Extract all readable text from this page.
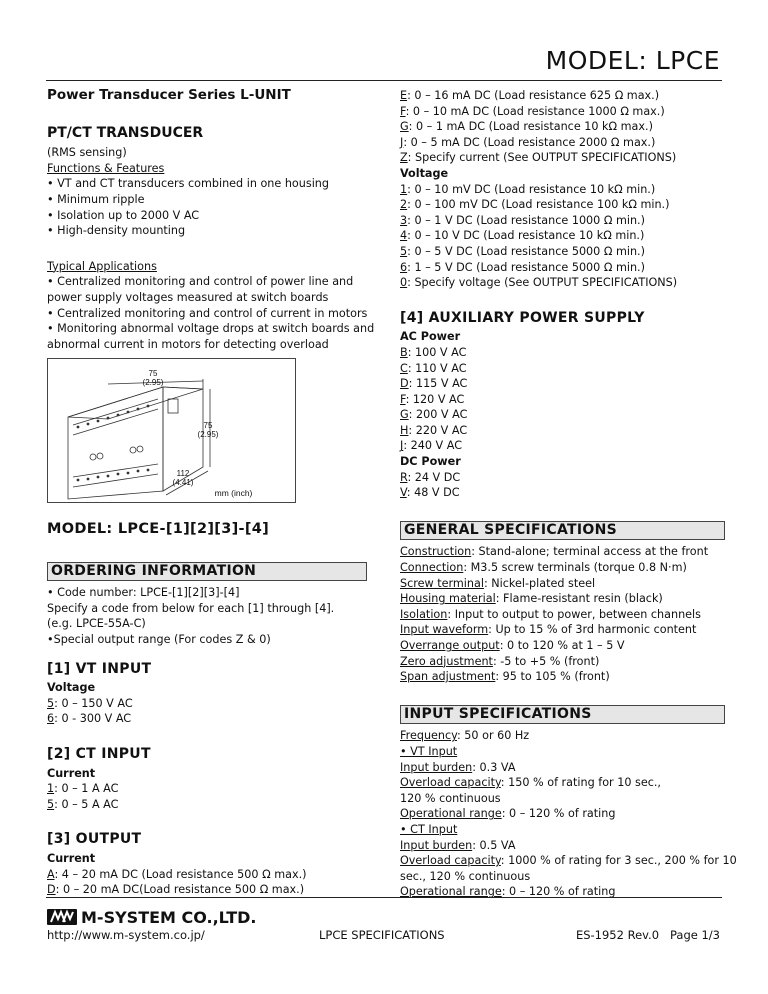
MODEL: LPCE
Power Transducer Series L-UNIT
PT/CT TRANSDUCER
(RMS sensing)
Functions & Features
• VT and CT transducers combined in one housing
• Minimum ripple
• Isolation up to 2000 V AC
• High-density mounting
Typical Applications
• Centralized monitoring and control of power line and
power supply voltages measured at switch boards
• Centralized monitoring and control of current in motors
• Monitoring abnormal voltage drops at switch boards and
abnormal current in motors for detecting overload
75
(2.95)
75
(2.95)
112
(4.41)
mm (inch)
MODEL: LPCE-[1][2][3]-[4]
ORDERING INFORMATION
• Code number: LPCE-[1][2][3]-[4]
Specify a code from below for each [1] through [4].
(e.g. LPCE-55A-C)
•Special output range (For codes Z & 0)
[1] VT INPUT
Voltage
5: 0 – 150 V AC
6: 0 - 300 V AC
[2] CT INPUT
Current
1: 0 – 1 A AC
5: 0 – 5 A AC
[3] OUTPUT
Current
A: 4 – 20 mA DC (Load resistance 500 Ω max.)
D: 0 – 20 mA DC(Load resistance 500 Ω max.)
E: 0 – 16 mA DC (Load resistance 625 Ω max.)
F: 0 – 10 mA DC (Load resistance 1000 Ω max.)
G: 0 – 1 mA DC (Load resistance 10 kΩ max.)
J: 0 – 5 mA DC (Load resistance 2000 Ω max.)
Z: Specify current (See OUTPUT SPECIFICATIONS)
Voltage
1: 0 – 10 mV DC (Load resistance 10 kΩ min.)
2: 0 – 100 mV DC (Load resistance 100 kΩ min.)
3: 0 – 1 V DC (Load resistance 1000 Ω min.)
4: 0 – 10 V DC (Load resistance 10 kΩ min.)
5: 0 – 5 V DC (Load resistance 5000 Ω min.)
6: 1 – 5 V DC (Load resistance 5000 Ω min.)
0: Specify voltage (See OUTPUT SPECIFICATIONS)
[4] AUXILIARY POWER SUPPLY
AC Power
B: 100 V AC
C: 110 V AC
D: 115 V AC
F: 120 V AC
G: 200 V AC
H: 220 V AC
J: 240 V AC
DC Power
R: 24 V DC
V: 48 V DC
GENERAL SPECIFICATIONS
Construction: Stand-alone; terminal access at the front
Connection: M3.5 screw terminals (torque 0.8 N·m)
Screw terminal: Nickel-plated steel
Housing material: Flame-resistant resin (black)
Isolation: Input to output to power, between channels
Input waveform: Up to 15 % of 3rd harmonic content
Overrange output: 0 to 120 % at 1 – 5 V
Zero adjustment: -5 to +5 % (front)
Span adjustment: 95 to 105 % (front)
INPUT SPECIFICATIONS
Frequency: 50 or 60 Hz
• VT Input
Input burden: 0.3 VA
Overload capacity: 150 % of rating for 10 sec.,
120 % continuous
Operational range: 0 – 120 % of rating
• CT Input
Input burden: 0.5 VA
Overload capacity: 1000 % of rating for 3 sec., 200 % for 10
sec., 120 % continuous
Operational range: 0 – 120 % of rating
M-SYSTEM CO.,LTD.
http://www.m-system.co.jp/	LPCE SPECIFICATIONS	ES-1952 Rev.0   Page 1/3
